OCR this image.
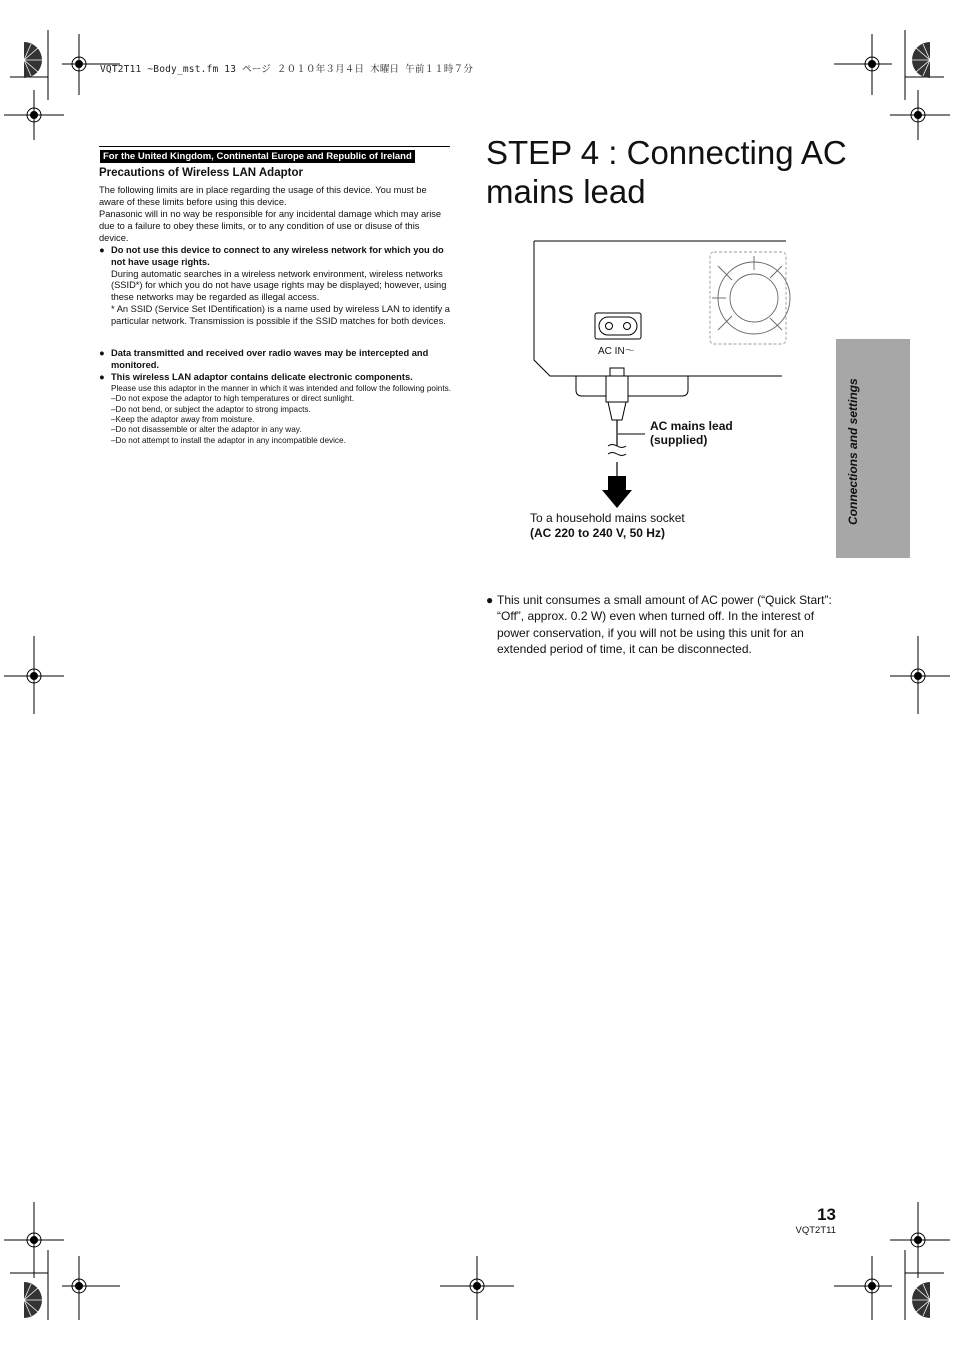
VQT2T11 ~Body_mst.fm 13 ページ ２０１０年３月４日 木曜日 午前１１時７分
For the United Kingdom, Continental Europe and Republic of Ireland
Precautions of Wireless LAN Adaptor
The following limits are in place regarding the usage of this device. You must be aware of these limits before using this device.
Panasonic will in no way be responsible for any incidental damage which may arise due to a failure to obey these limits, or to any condition of use or disuse of this device.
● Do not use this device to connect to any wireless network for which you do not have usage rights.
During automatic searches in a wireless network environment, wireless networks (SSID*) for which you do not have usage rights may be displayed; however, using these networks may be regarded as illegal access.
* An SSID (Service Set IDentification) is a name used by wireless LAN to identify a particular network. Transmission is possible if the SSID matches for both devices.
● Data transmitted and received over radio waves may be intercepted and monitored.
● This wireless LAN adaptor contains delicate electronic components.
Please use this adaptor in the manner in which it was intended and follow the following points.
–Do not expose the adaptor to high temperatures or direct sunlight.
–Do not bend, or subject the adaptor to strong impacts.
–Keep the adaptor away from moisture.
–Do not disassemble or alter the adaptor in any way.
–Do not attempt to install the adaptor in any incompatible device.
STEP 4 : Connecting AC mains lead
AC IN～
AC mains lead
(supplied)
To a household mains socket
(AC 220 to 240 V, 50 Hz)
● This unit consumes a small amount of AC power (“Quick Start”: “Off”, approx. 0.2 W) even when turned off. In the interest of power conservation, if you will not be using this unit for an extended period of time, it can be disconnected.
Connections and settings
13
VQT2T11
